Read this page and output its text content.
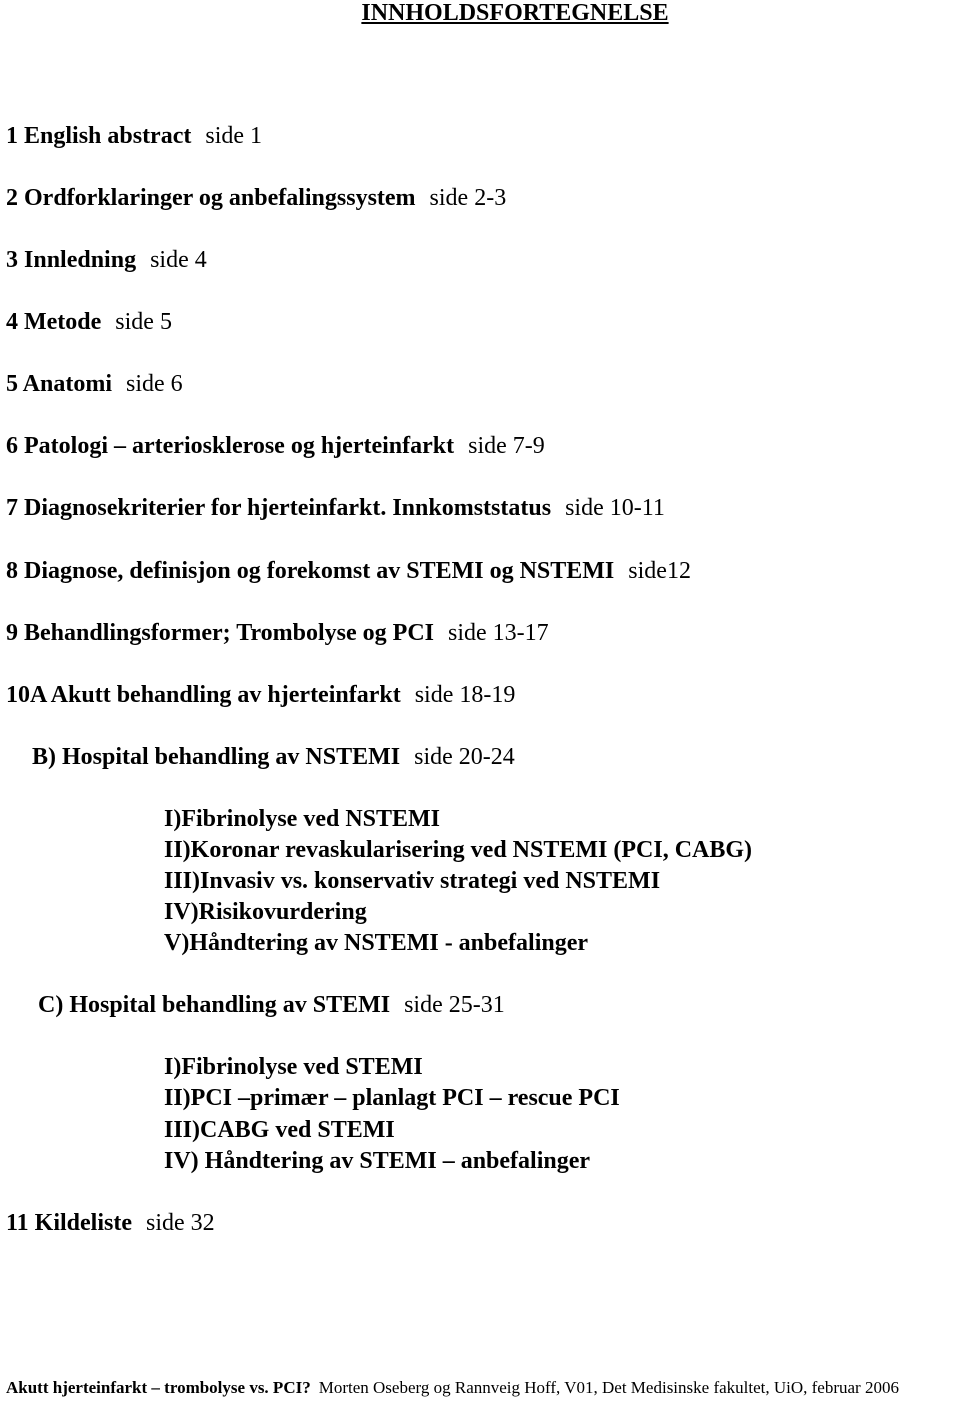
INNHOLDSFORTEGNELSE
1 English abstract side 1
2 Ordforklaringer og anbefalingssystem side 2-3
3 Innledning side 4
4 Metode side 5
5 Anatomi side 6
6 Patologi – arteriosklerose og hjerteinfarkt side 7-9
7 Diagnosekriterier for hjerteinfarkt. Innkomststatus side 10-11
8 Diagnose, definisjon og forekomst av STEMI og NSTEMI side12
9 Behandlingsformer; Trombolyse og PCI side 13-17
10A Akutt behandling av hjerteinfarkt side 18-19
B) Hospital behandling av NSTEMI side 20-24
I)Fibrinolyse ved NSTEMI
II)Koronar revaskularisering ved NSTEMI (PCI, CABG)
III)Invasiv vs. konservativ strategi ved NSTEMI
IV)Risikovurdering
V)Håndtering av NSTEMI - anbefalinger
C) Hospital behandling av STEMI side 25-31
I)Fibrinolyse ved STEMI
II)PCI –primær – planlagt PCI – rescue PCI
III)CABG ved STEMI
IV) Håndtering av STEMI – anbefalinger
11 Kildeliste side 32
Akutt hjerteinfarkt – trombolyse vs. PCI? Morten Oseberg og Rannveig Hoff, V01, Det Medisinske fakultet, UiO, februar 2006
